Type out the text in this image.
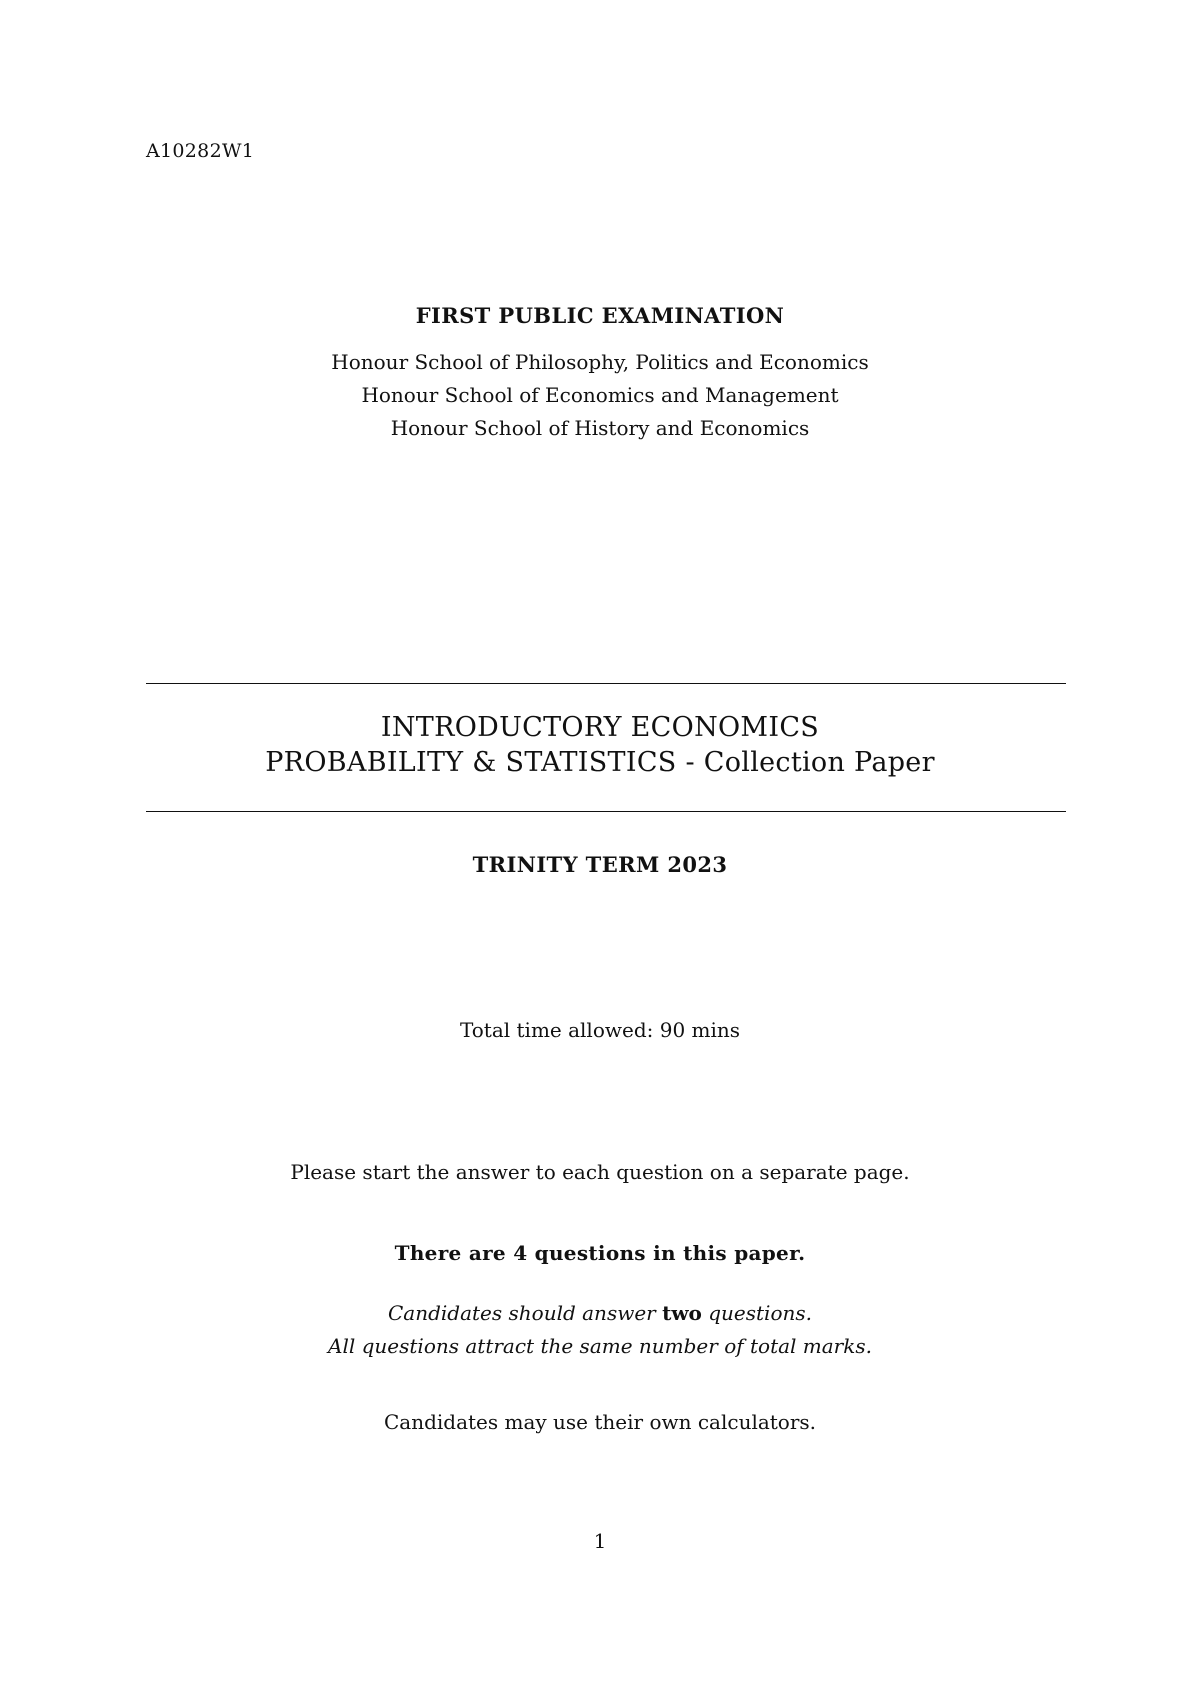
A10282W1
FIRST PUBLIC EXAMINATION
Honour School of Philosophy, Politics and Economics
Honour School of Economics and Management
Honour School of History and Economics
INTRODUCTORY ECONOMICS
PROBABILITY & STATISTICS - Collection Paper
TRINITY TERM 2023
Total time allowed: 90 mins
Please start the answer to each question on a separate page.
There are 4 questions in this paper.
Candidates should answer two questions.
All questions attract the same number of total marks.
Candidates may use their own calculators.
1
